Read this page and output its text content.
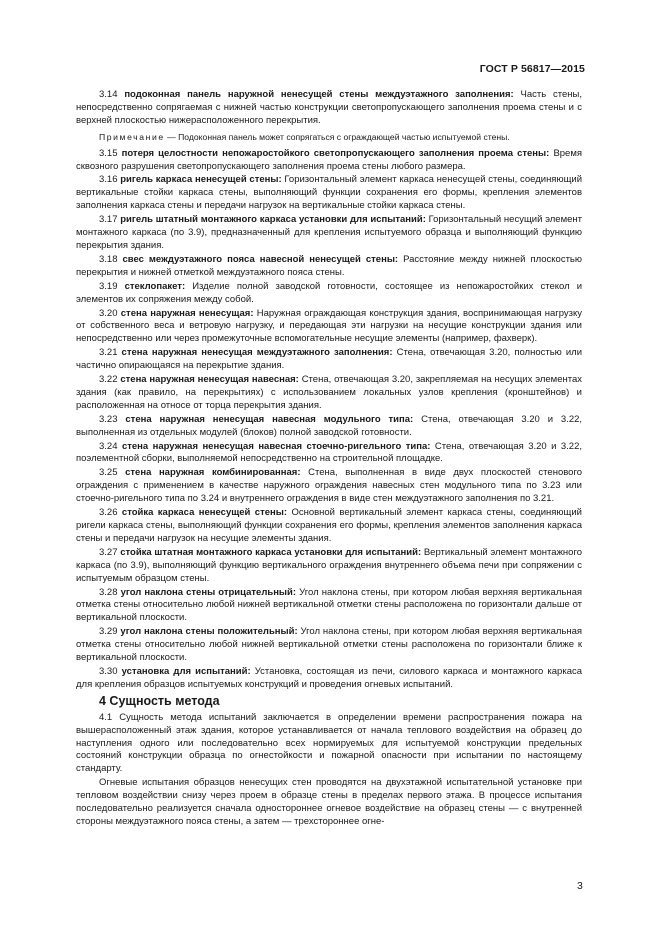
ГОСТ Р 56817—2015

3.14 подоконная панель наружной ненесущей стены междуэтажного заполнения: Часть стены, непосредственно сопрягаемая с нижней частью конструкции светопропускающего заполнения проема стены и с верхней плоскостью нижерасположенного перекрытия.

Примечание — Подоконная панель может сопрягаться с ограждающей частью испытуемой стены.

3.15 потеря целостности непожаростойкого светопропускающего заполнения проема стены: Время сквозного разрушения светопропускающего заполнения проема стены любого размера.

3.16 ригель каркаса ненесущей стены: Горизонтальный элемент каркаса ненесущей стены, соединяющий вертикальные стойки каркаса стены, выполняющий функции сохранения его формы, крепления элементов заполнения каркаса стены и передачи нагрузок на вертикальные стойки каркаса стены.

3.17 ригель штатный монтажного каркаса установки для испытаний: Горизонтальный несущий элемент монтажного каркаса (по 3.9), предназначенный для крепления испытуемого образца и выполняющий функцию перекрытия здания.

3.18 свес междуэтажного пояса навесной ненесущей стены: Расстояние между нижней плоскостью перекрытия и нижней отметкой междуэтажного пояса стены.

3.19 стеклопакет: Изделие полной заводской готовности, состоящее из непожаростойких стекол и элементов их сопряжения между собой.

3.20 стена наружная ненесущая: Наружная ограждающая конструкция здания, воспринимающая нагрузку от собственного веса и ветровую нагрузку, и передающая эти нагрузки на несущие конструкции здания или непосредственно или через промежуточные вспомогательные несущие элементы (например, фахверк).

3.21 стена наружная ненесущая междуэтажного заполнения: Стена, отвечающая 3.20, полностью или частично опирающаяся на перекрытие здания.

3.22 стена наружная ненесущая навесная: Стена, отвечающая 3.20, закрепляемая на несущих элементах здания (как правило, на перекрытиях) с использованием локальных узлов крепления (кронштейнов) и расположенная на относе от торца перекрытия здания.

3.23 стена наружная ненесущая навесная модульного типа: Стена, отвечающая 3.20 и 3.22, выполненная из отдельных модулей (блоков) полной заводской готовности.

3.24 стена наружная ненесущая навесная стоечно-ригельного типа: Стена, отвечающая 3.20 и 3.22, поэлементной сборки, выполняемой непосредственно на строительной площадке.

3.25 стена наружная комбинированная: Стена, выполненная в виде двух плоскостей стенового ограждения с применением в качестве наружного ограждения навесных стен модульного типа по 3.23 или стоечно-ригельного типа по 3.24 и внутреннего ограждения в виде стен междуэтажного заполнения по 3.21.

3.26 стойка каркаса ненесущей стены: Основной вертикальный элемент каркаса стены, соединяющий ригели каркаса стены, выполняющий функции сохранения его формы, крепления элементов заполнения каркаса стены и передачи нагрузок на несущие элементы здания.

3.27 стойка штатная монтажного каркаса установки для испытаний: Вертикальный элемент монтажного каркаса (по 3.9), выполняющий функцию вертикального ограждения внутреннего объема печи при сопряжении с испытуемым образцом стены.

3.28 угол наклона стены отрицательный: Угол наклона стены, при котором любая верхняя вертикальная отметка стены относительно любой нижней вертикальной отметки стены расположена по горизонтали дальше от вертикальной плоскости.

3.29 угол наклона стены положительный: Угол наклона стены, при котором любая верхняя вертикальная отметка стены относительно любой нижней вертикальной отметки стены расположена по горизонтали ближе к вертикальной плоскости.

3.30 установка для испытаний: Установка, состоящая из печи, силового каркаса и монтажного каркаса для крепления образцов испытуемых конструкций и проведения огневых испытаний.

4 Сущность метода

4.1 Сущность метода испытаний заключается в определении времени распространения пожара на вышерасположенный этаж здания, которое устанавливается от начала теплового воздействия на образец до наступления одного или последовательно всех нормируемых для испытуемой конструкции предельных состояний конструкции образца по огнестойкости и пожарной опасности при испытании по настоящему стандарту.

Огневые испытания образцов ненесущих стен проводятся на двухэтажной испытательной установке при тепловом воздействии снизу через проем в образце стены в пределах первого этажа. В процессе испытания последовательно реализуется сначала одностороннее огневое воздействие на образец стены — с внутренней стороны междуэтажного пояса стены, а затем — трехстороннее огне-

3
